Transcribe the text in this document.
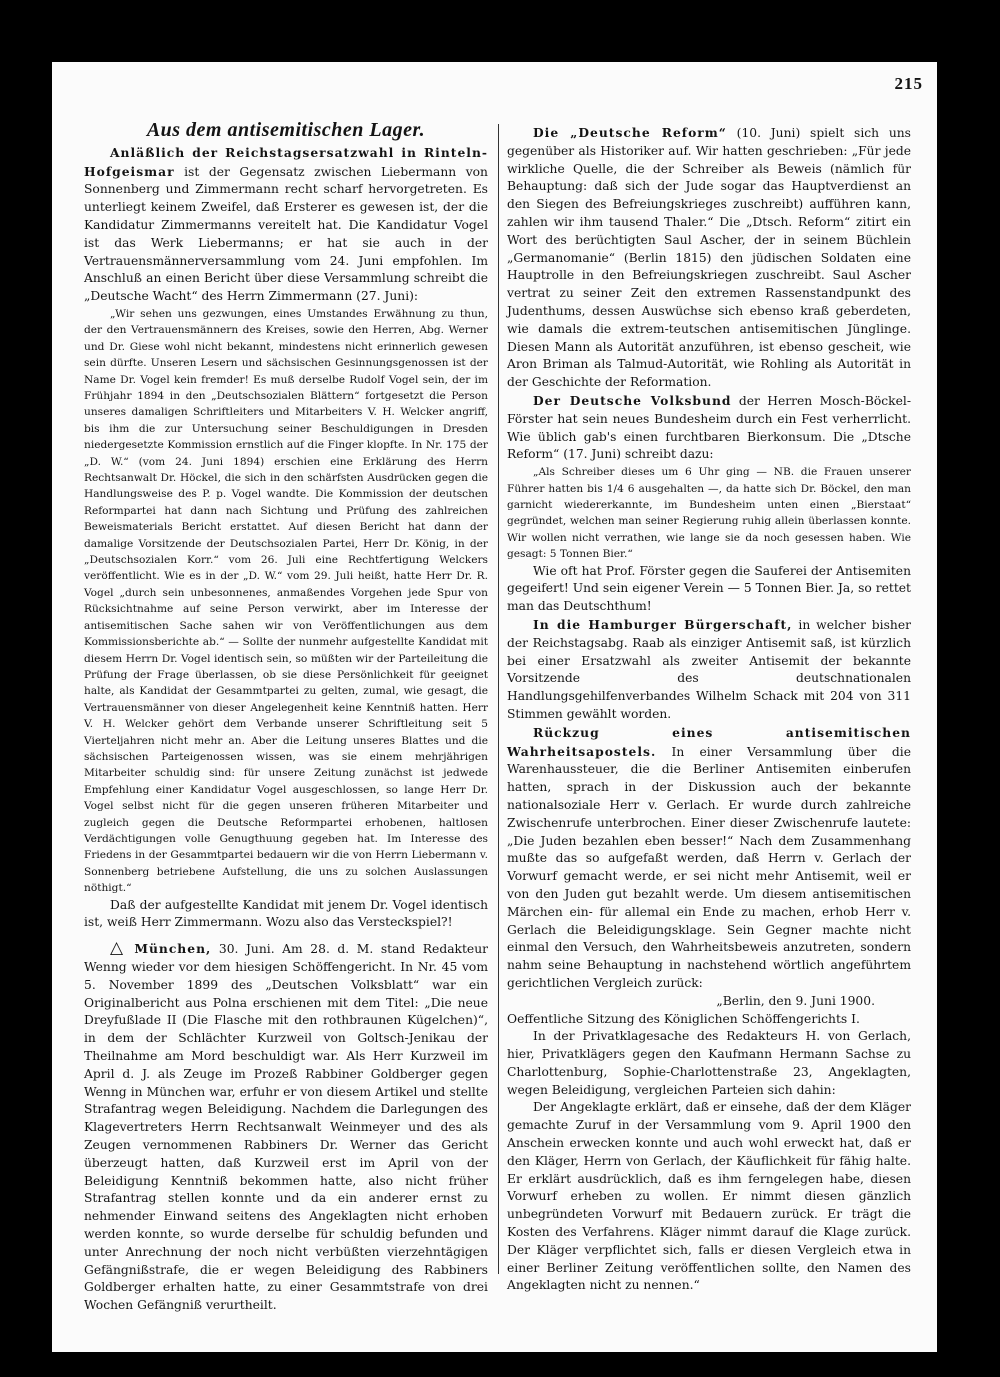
215
Aus dem antisemitischen Lager.

Anläßlich der Reichstagsersatzwahl in Rinteln-Hofgeismar ist der Gegensatz zwischen Liebermann von Sonnenberg und Zimmermann recht scharf hervorgetreten. Es unterliegt keinem Zweifel, daß Ersterer es gewesen ist, der die Kandidatur Zimmermanns vereitelt hat. Die Kandidatur Vogel ist das Werk Liebermanns; er hat sie auch in der Vertrauensmännerversammlung vom 24. Juni empfohlen. Im Anschluß an einen Bericht über diese Versammlung schreibt die „Deutsche Wacht“ des Herrn Zimmermann (27. Juni):

„Wir sehen uns gezwungen, eines Umstandes Erwähnung zu thun, der den Vertrauensmännern des Kreises, sowie den Herren, Abg. Werner und Dr. Giese wohl nicht bekannt, mindestens nicht erinnerlich gewesen sein dürfte. Unseren Lesern und sächsischen Gesinnungsgenossen ist der Name Dr. Vogel kein fremder! Es muß derselbe Rudolf Vogel sein, der im Frühjahr 1894 in den „Deutschsozialen Blättern“ fortgesetzt die Person unseres damaligen Schriftleiters und Mitarbeiters V. H. Welcker angriff, bis ihm die zur Untersuchung seiner Beschuldigungen in Dresden niedergesetzte Kommission ernstlich auf die Finger klopfte. In Nr. 175 der „D. W.“ (vom 24. Juni 1894) erschien eine Erklärung des Herrn Rechtsanwalt Dr. Höckel, die sich in den schärfsten Ausdrücken gegen die Handlungsweise des P. p. Vogel wandte. Die Kommission der deutschen Reformpartei hat dann nach Sichtung und Prüfung des zahlreichen Beweismaterials Bericht erstattet. Auf diesen Bericht hat dann der damalige Vorsitzende der Deutschsozialen Partei, Herr Dr. König, in der „Deutschsozialen Korr.“ vom 26. Juli eine Rechtfertigung Welckers veröffentlicht. Wie es in der „D. W.“ vom 29. Juli heißt, hatte Herr Dr. R. Vogel „durch sein unbesonnenes, anmaßendes Vorgehen jede Spur von Rücksichtnahme auf seine Person verwirkt, aber im Interesse der antisemitischen Sache sahen wir von Veröffentlichungen aus dem Kommissionsberichte ab.“ — Sollte der nunmehr aufgestellte Kandidat mit diesem Herrn Dr. Vogel identisch sein, so müßten wir der Parteileitung die Prüfung der Frage überlassen, ob sie diese Persönlichkeit für geeignet halte, als Kandidat der Gesammtpartei zu gelten, zumal, wie gesagt, die Vertrauensmänner von dieser Angelegenheit keine Kenntniß hatten. Herr V. H. Welcker gehört dem Verbande unserer Schriftleitung seit 5 Vierteljahren nicht mehr an. Aber die Leitung unseres Blattes und die sächsischen Parteigenossen wissen, was sie einem mehrjährigen Mitarbeiter schuldig sind: für unsere Zeitung zunächst ist jedwede Empfehlung einer Kandidatur Vogel ausgeschlossen, so lange Herr Dr. Vogel selbst nicht für die gegen unseren früheren Mitarbeiter und zugleich gegen die Deutsche Reformpartei erhobenen, haltlosen Verdächtigungen volle Genugthuung gegeben hat. Im Interesse des Friedens in der Gesammtpartei bedauern wir die von Herrn Liebermann v. Sonnenberg betriebene Aufstellung, die uns zu solchen Auslassungen nöthigt.“

Daß der aufgestellte Kandidat mit jenem Dr. Vogel identisch ist, weiß Herr Zimmermann. Wozu also das Versteckspiel?!

△ München, 30. Juni. Am 28. d. M. stand Redakteur Wenng wieder vor dem hiesigen Schöffengericht. In Nr. 45 vom 5. November 1899 des „Deutschen Volksblatt“ war ein Originalbericht aus Polna erschienen mit dem Titel: „Die neue Dreyfußlade II (Die Flasche mit den rothbraunen Kügelchen)“, in dem der Schlächter Kurzweil von Goltsch-Jenikau der Theilnahme am Mord beschuldigt war. Als Herr Kurzweil im April d. J. als Zeuge im Prozeß Rabbiner Goldberger gegen Wenng in München war, erfuhr er von diesem Artikel und stellte Strafantrag wegen Beleidigung. Nachdem die Darlegungen des Klagevertreters Herrn Rechtsanwalt Weinmeyer und des als Zeugen vernommenen Rabbiners Dr. Werner das Gericht überzeugt hatten, daß Kurzweil erst im April von der Beleidigung Kenntniß bekommen hatte, also nicht früher Strafantrag stellen konnte und da ein anderer ernst zu nehmender Einwand seitens des Angeklagten nicht erhoben werden konnte, so wurde derselbe für schuldig befunden und unter Anrechnung der noch nicht verbüßten vierzehntägigen Gefängnißstrafe, die er wegen Beleidigung des Rabbiners Goldberger erhalten hatte, zu einer Gesammtstrafe von drei Wochen Gefängniß verurtheilt.

Die „Deutsche Reform“ (10. Juni) spielt sich uns gegenüber als Historiker auf. Wir hatten geschrieben: „Für jede wirkliche Quelle, die der Schreiber als Beweis (nämlich für Behauptung: daß sich der Jude sogar das Hauptverdienst an den Siegen des Befreiungskrieges zuschreibt) aufführen kann, zahlen wir ihm tausend Thaler.“ Die „Dtsch. Reform“ zitirt ein Wort des berüchtigten Saul Ascher, der in seinem Büchlein „Germanomanie“ (Berlin 1815) den jüdischen Soldaten eine Hauptrolle in den Befreiungskriegen zuschreibt. Saul Ascher vertrat zu seiner Zeit den extremen Rassenstandpunkt des Judenthums, dessen Auswüchse sich ebenso kraß geberdeten, wie damals die extrem-teutschen antisemitischen Jünglinge. Diesen Mann als Autorität anzuführen, ist ebenso gescheit, wie Aron Briman als Talmud-Autorität, wie Rohling als Autorität in der Geschichte der Reformation.

Der Deutsche Volksbund der Herren Mosch-Böckel-Förster hat sein neues Bundesheim durch ein Fest verherrlicht. Wie üblich gab's einen furchtbaren Bierkonsum. Die „Dtsche Reform“ (17. Juni) schreibt dazu:

„Als Schreiber dieses um 6 Uhr ging — NB. die Frauen unserer Führer hatten bis 1/4 6 ausgehalten —, da hatte sich Dr. Böckel, den man garnicht wiedererkannte, im Bundesheim unten einen „Bierstaat“ gegründet, welchen man seiner Regierung ruhig allein überlassen konnte. Wir wollen nicht verrathen, wie lange sie da noch gesessen haben. Wie gesagt: 5 Tonnen Bier.“

Wie oft hat Prof. Förster gegen die Sauferei der Antisemiten gegeifert! Und sein eigener Verein — 5 Tonnen Bier. Ja, so rettet man das Deutschthum!

In die Hamburger Bürgerschaft, in welcher bisher der Reichstagsabg. Raab als einziger Antisemit saß, ist kürzlich bei einer Ersatzwahl als zweiter Antisemit der bekannte Vorsitzende des deutschnationalen Handlungsgehilfenverbandes Wilhelm Schack mit 204 von 311 Stimmen gewählt worden.

Rückzug eines antisemitischen Wahrheitsapostels. In einer Versammlung über die Warenhaussteuer, die die Berliner Antisemiten einberufen hatten, sprach in der Diskussion auch der bekannte nationalsoziale Herr v. Gerlach. Er wurde durch zahlreiche Zwischenrufe unterbrochen. Einer dieser Zwischenrufe lautete: „Die Juden bezahlen eben besser!“ Nach dem Zusammenhang mußte das so aufgefaßt werden, daß Herrn v. Gerlach der Vorwurf gemacht werde, er sei nicht mehr Antisemit, weil er von den Juden gut bezahlt werde. Um diesem antisemitischen Märchen ein- für allemal ein Ende zu machen, erhob Herr v. Gerlach die Beleidigungsklage. Sein Gegner machte nicht einmal den Versuch, den Wahrheitsbeweis anzutreten, sondern nahm seine Behauptung in nachstehend wörtlich angeführtem gerichtlichen Vergleich zurück:

„Berlin, den 9. Juni 1900.

Oeffentliche Sitzung des Königlichen Schöffengerichts I.

In der Privatklagesache des Redakteurs H. von Gerlach, hier, Privatklägers gegen den Kaufmann Hermann Sachse zu Charlottenburg, Sophie-Charlottenstraße 23, Angeklagten, wegen Beleidigung, vergleichen Parteien sich dahin:

Der Angeklagte erklärt, daß er einsehe, daß der dem Kläger gemachte Zuruf in der Versammlung vom 9. April 1900 den Anschein erwecken konnte und auch wohl erweckt hat, daß er den Kläger, Herrn von Gerlach, der Käuflichkeit für fähig halte. Er erklärt ausdrücklich, daß es ihm ferngelegen habe, diesen Vorwurf erheben zu wollen. Er nimmt diesen gänzlich unbegründeten Vorwurf mit Bedauern zurück. Er trägt die Kosten des Verfahrens. Kläger nimmt darauf die Klage zurück. Der Kläger verpflichtet sich, falls er diesen Vergleich etwa in einer Berliner Zeitung veröffentlichen sollte, den Namen des Angeklagten nicht zu nennen.“
